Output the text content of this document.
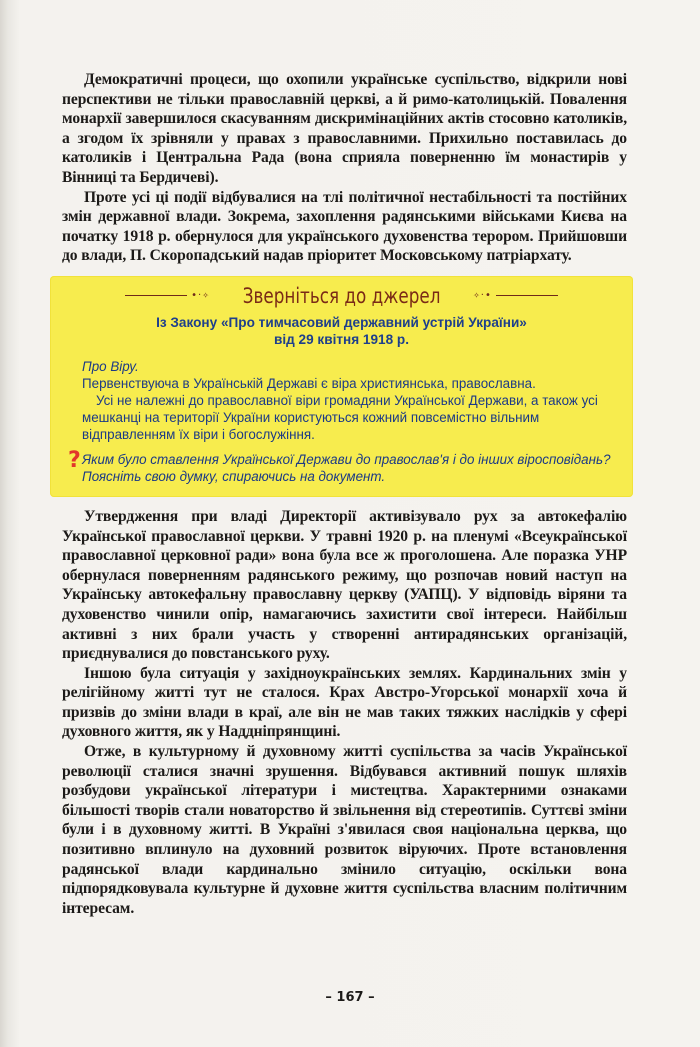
Демократичні процеси, що охопили українське суспільство, відкрили нові перспективи не тільки православній церкві, а й римо-католицькій. Повалення монархії завершилося скасуванням дискримінаційних актів стосовно католиків, а згодом їх зрівняли у правах з православними. Прихильно поставилась до католиків і Центральна Рада (вона сприяла поверненню їм монастирів у Вінниці та Бердичеві).

Проте усі ці події відбувалися на тлі політичної нестабільності та постійних змін державної влади. Зокрема, захоплення радянськими військами Києва на початку 1918 р. обернулося для українського духовенства терором. Прийшовши до влади, П. Скоропадський надав пріоритет Московському патріархату.

•·✧ Зверніться до джерел	✧·•
Із Закону «Про тимчасовий державний устрій України»
від 29 квітня 1918 р.

Про Віру.

Первенствуюча в Українській Державі є віра християнська, православна.

Усі не належні до православної віри громадяни Української Держави, а також усі мешканці на території України користуються кожний повсемістно вільним відправленням їх віри і богослужіння.

? Яким було ставлення Української Держави до православ'я і до інших віросповідань? Поясніть свою думку, спираючись на документ.

Утвердження при владі Директорії активізувало рух за автокефалію Української православної церкви. У травні 1920 р. на пленумі «Всеукраїнської православної церковної ради» вона була все ж проголошена. Але поразка УНР обернулася поверненням радянського режиму, що розпочав новий наступ на Українську автокефальну православну церкву (УАПЦ). У відповідь віряни та духовенство чинили опір, намагаючись захистити свої інтереси. Найбільш активні з них брали участь у створенні антирадянських організацій, приєднувалися до повстанського руху.

Іншою була ситуація у західноукраїнських землях. Кардинальних змін у релігійному житті тут не сталося. Крах Австро-Угорської монархії хоча й призвів до зміни влади в краї, але він не мав таких тяжких наслідків у сфері духовного життя, як у Наддніпрянщині.

Отже, в культурному й духовному житті суспільства за часів Української революції сталися значні зрушення. Відбувався активний пошук шляхів розбудови української літератури і мистецтва. Характерними ознаками більшості творів стали новаторство й звільнення від стереотипів. Суттєві зміни були і в духовному житті. В Україні з'явилася своя національна церква, що позитивно вплинуло на духовний розвиток віруючих. Проте встановлення радянської влади кардинально змінило ситуацію, оскільки вона підпорядковувала культурне й духовне життя суспільства власним політичним інтересам.

– 167 –
